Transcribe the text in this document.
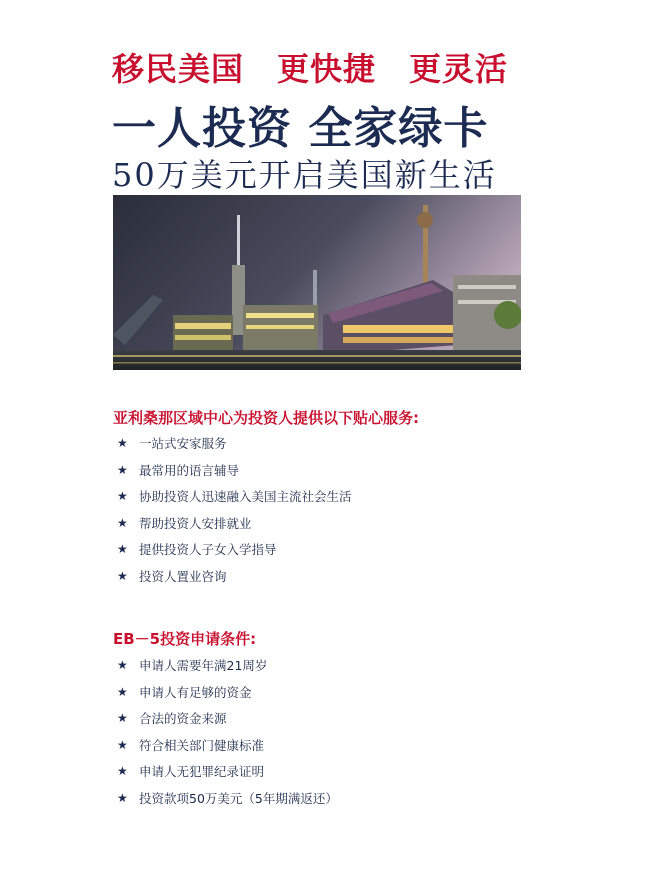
移民美国　更快捷　更灵活
一人投资 全家绿卡
50万美元开启美国新生活
亚利桑那区域中心为投资人提供以下贴心服务:
★ 一站式安家服务
★ 最常用的语言辅导
★ 协助投资人迅速融入美国主流社会生活
★ 帮助投资人安排就业
★ 提供投资人子女入学指导
★ 投资人置业咨询
EB－5投资申请条件:
★ 申请人需要年满21周岁
★ 申请人有足够的资金
★ 合法的资金来源
★ 符合相关部门健康标准
★ 申请人无犯罪纪录证明
★ 投资款项50万美元（5年期满返还）
